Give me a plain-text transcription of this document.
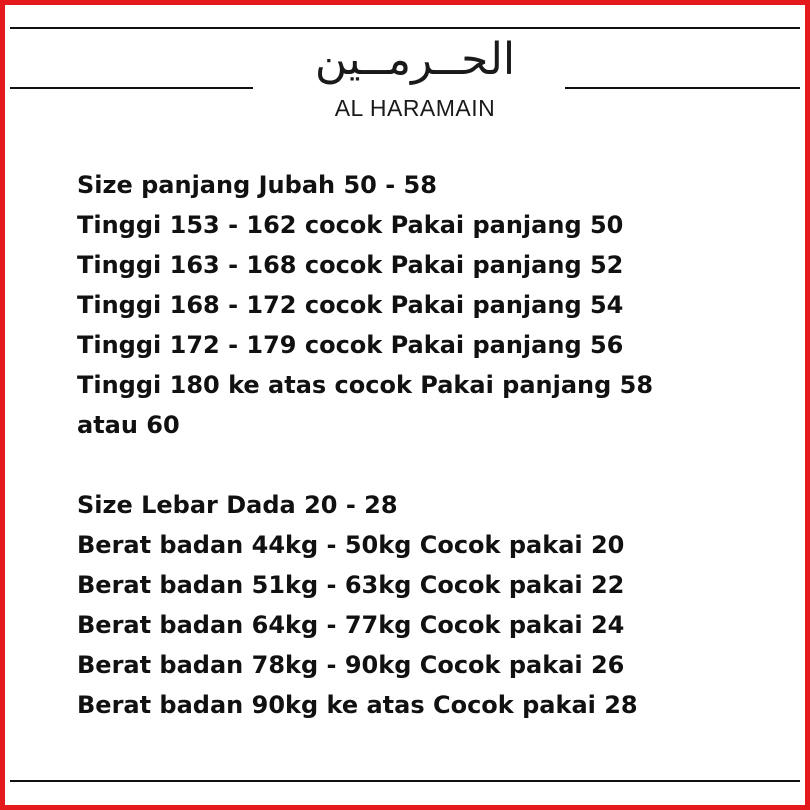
الحــرمــين
AL HARAMAIN
Size panjang Jubah 50 - 58
Tinggi 153 - 162 cocok Pakai panjang 50
Tinggi 163 - 168 cocok Pakai panjang 52
Tinggi 168 - 172 cocok Pakai panjang 54
Tinggi 172 - 179 cocok Pakai panjang 56
Tinggi 180 ke atas cocok Pakai panjang 58
atau 60
Size Lebar Dada 20 - 28
Berat badan 44kg - 50kg Cocok pakai 20
Berat badan 51kg - 63kg Cocok pakai 22
Berat badan 64kg - 77kg Cocok pakai 24
Berat badan 78kg - 90kg Cocok pakai 26
Berat badan 90kg ke atas Cocok pakai 28
